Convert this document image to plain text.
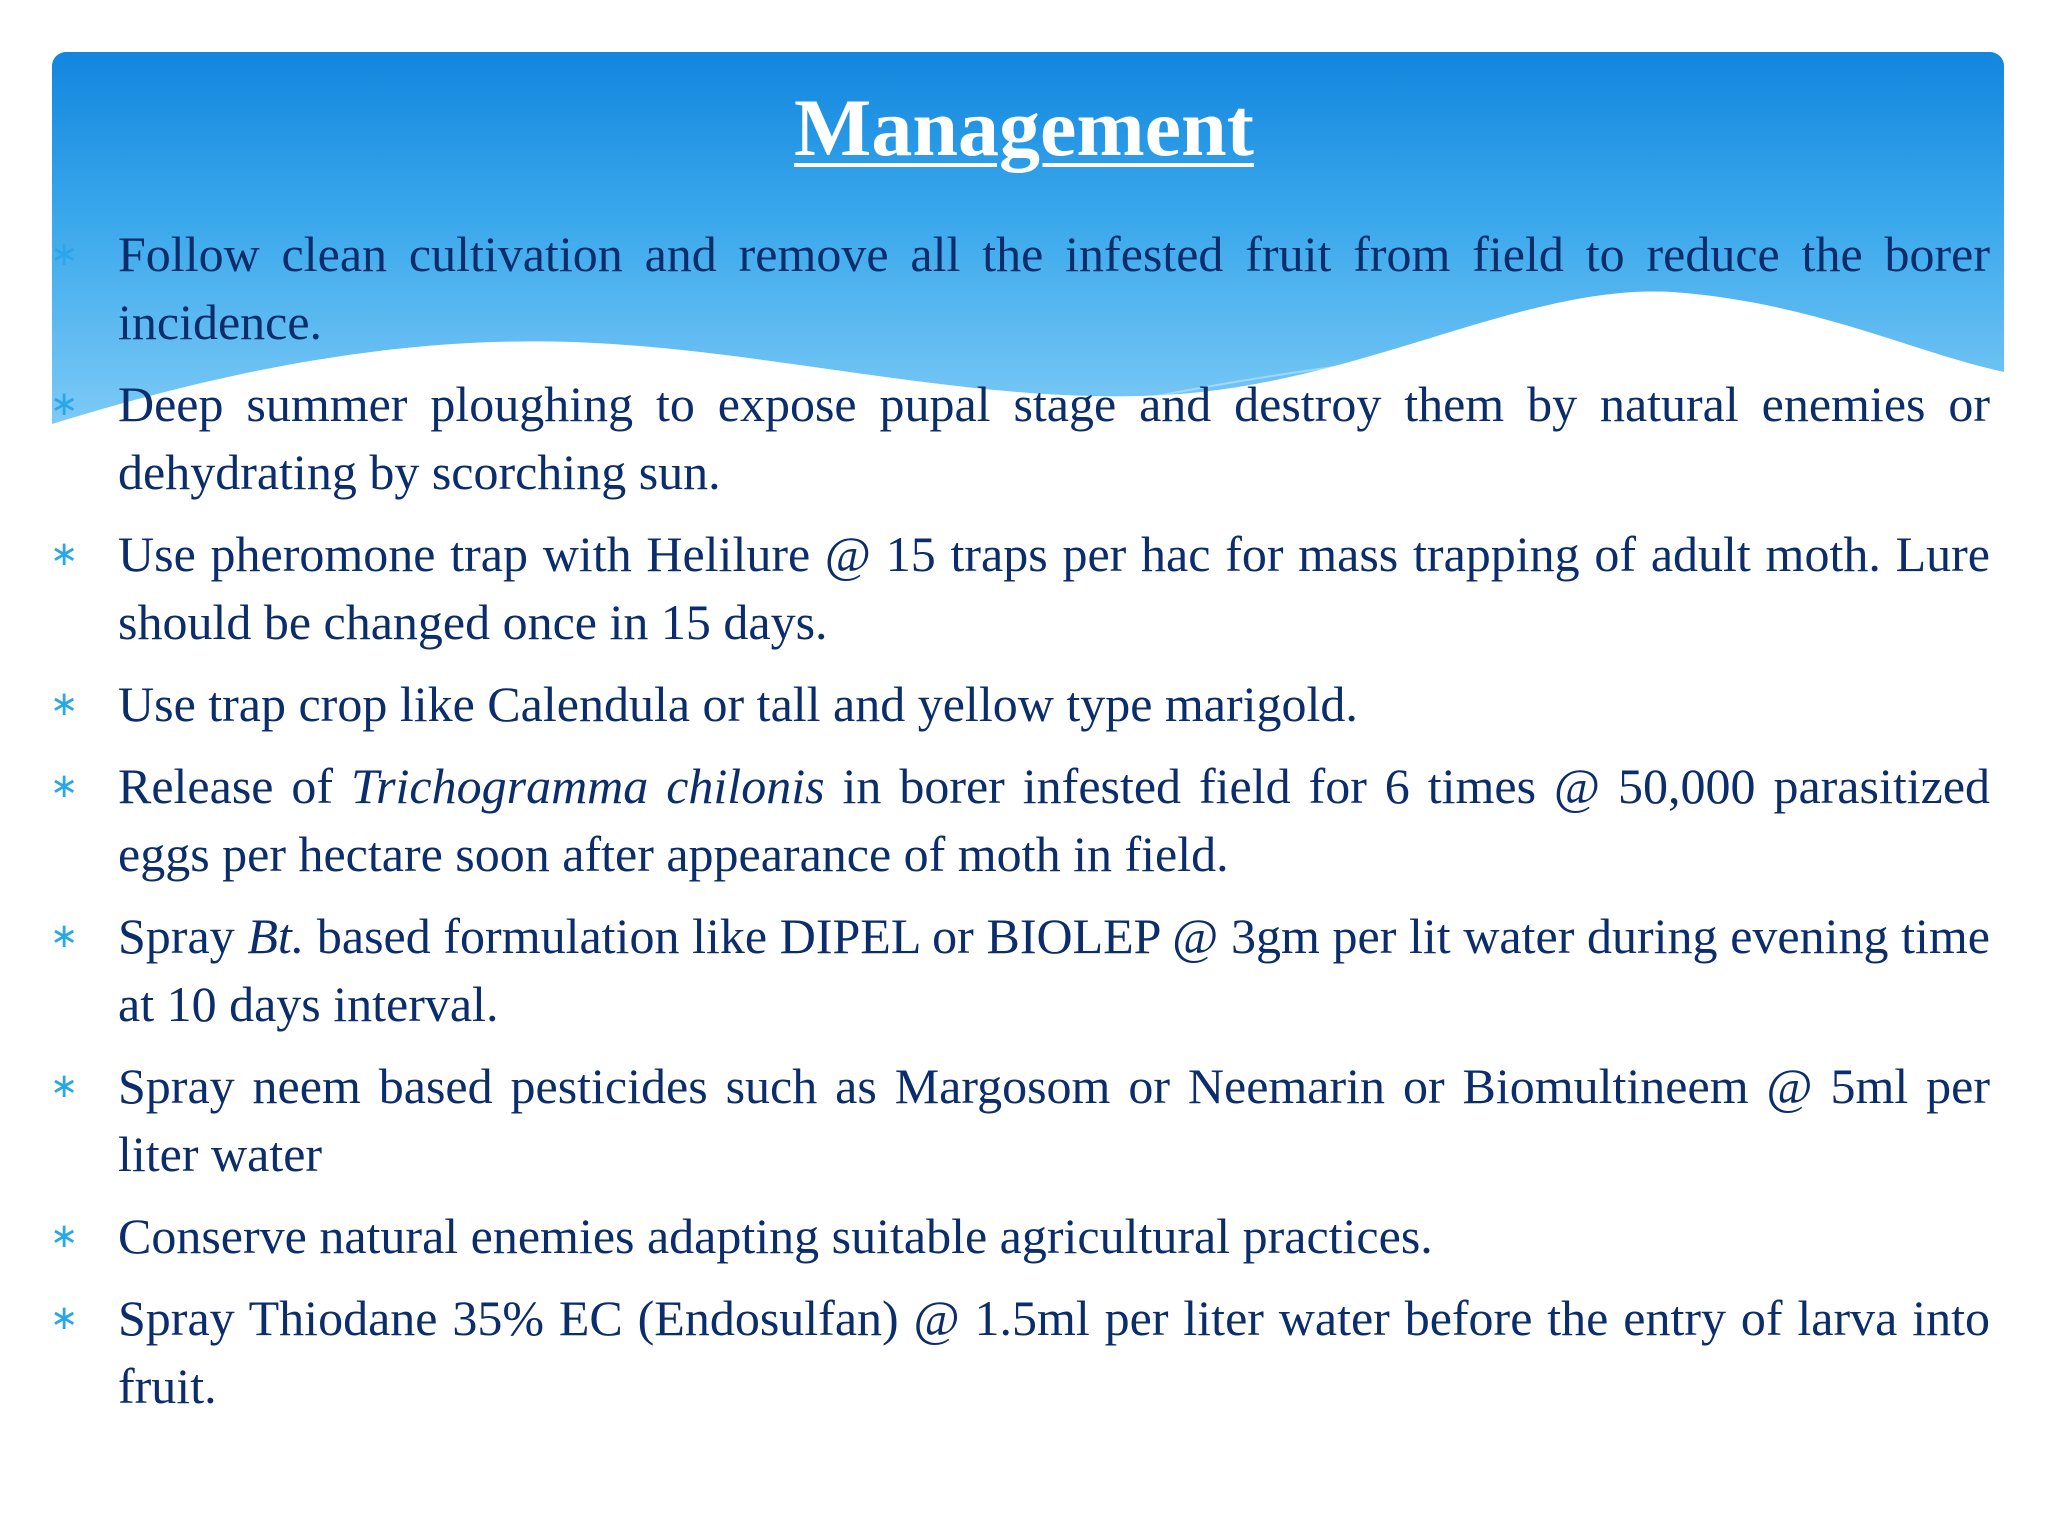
Management
∗ Follow clean cultivation and remove all the infested fruit from field to reduce the borer incidence.
∗ Deep summer ploughing to expose pupal stage and destroy them by natural enemies or dehydrating by scorching sun.
∗ Use pheromone trap with Helilure @ 15 traps per hac for mass trapping of adult moth. Lure should be changed once in 15 days.
∗ Use trap crop like Calendula or tall and yellow type marigold.
∗ Release of Trichogramma chilonis in borer infested field for 6 times @ 50,000 parasitized eggs per hectare soon after appearance of moth in field.
∗ Spray Bt. based formulation like DIPEL or BIOLEP @ 3gm per lit water during evening time at 10 days interval.
∗ Spray neem based pesticides such as Margosom or Neemarin or Biomultineem @ 5ml per liter water
∗ Conserve natural enemies adapting suitable agricultural practices.
∗ Spray Thiodane 35% EC (Endosulfan) @ 1.5ml per liter water before the entry of larva into fruit.
